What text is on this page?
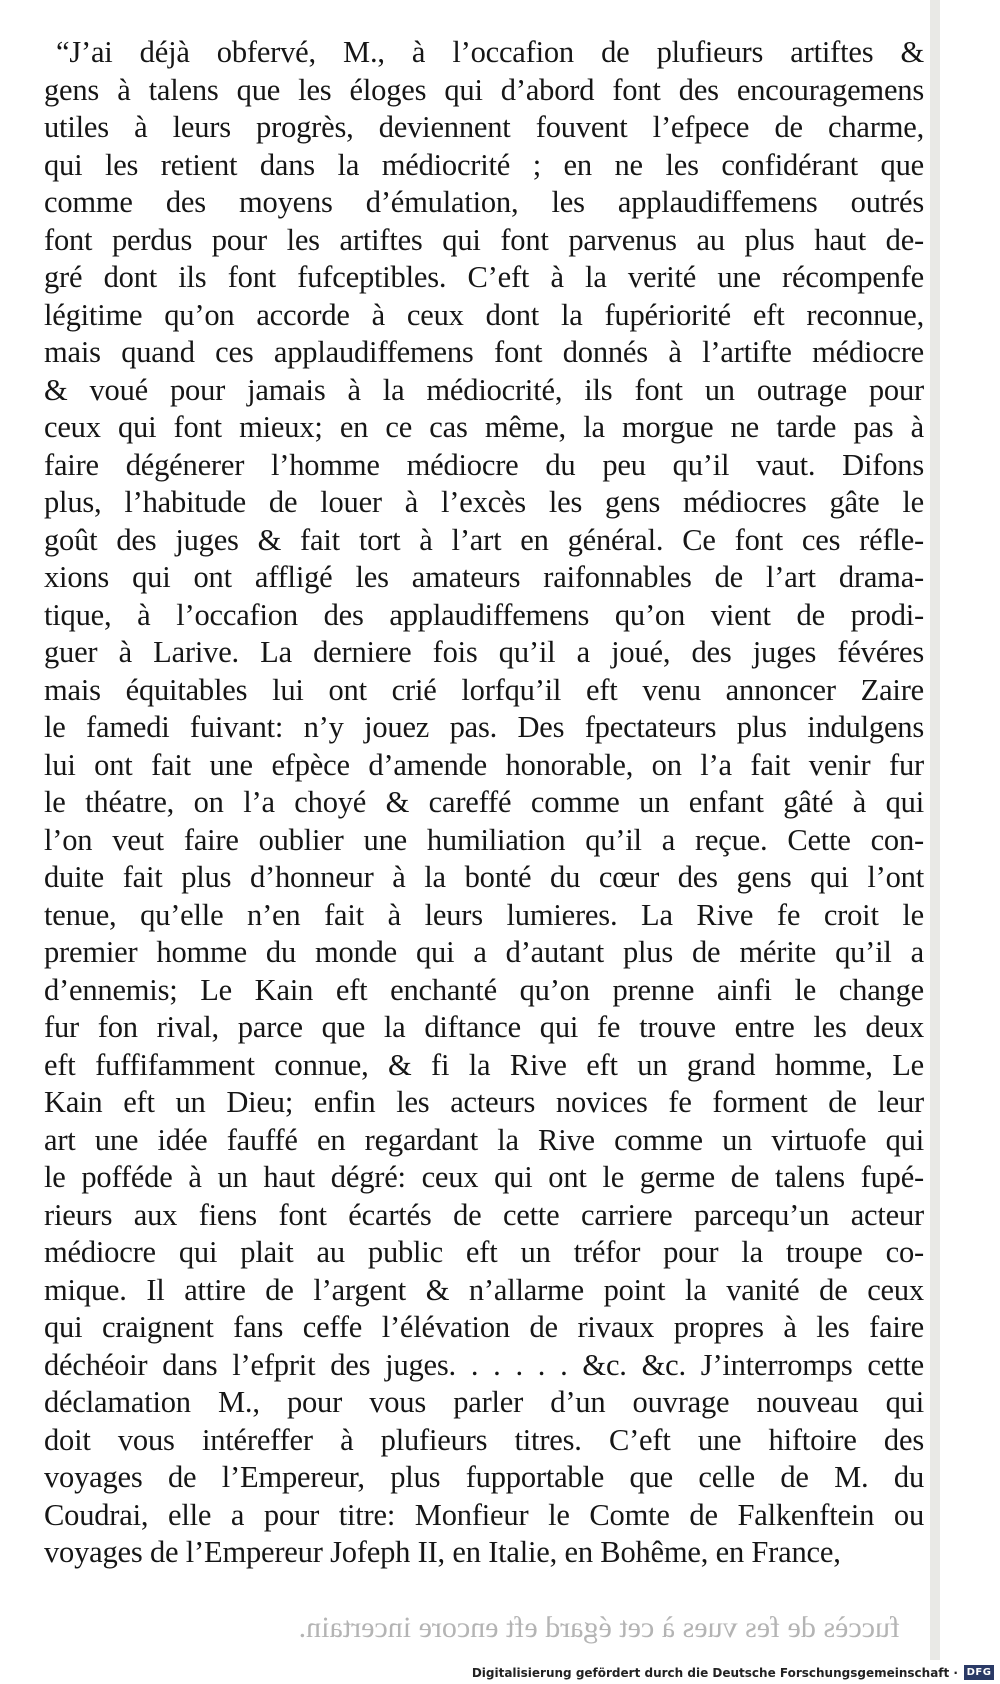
“J’ai déjà obfervé, M., à l’occafion de plufieurs artiftes &
gens à talens que les éloges qui d’abord font des encouragemens
utiles à leurs progrès, deviennent fouvent l’efpece de charme,
qui les retient dans la médiocrité ; en ne les confidérant que
comme des moyens d’émulation, les applaudiffemens outrés
font perdus pour les artiftes qui font parvenus au plus haut de-
gré dont ils font fufceptibles. C’eft à la verité une récompenfe
légitime qu’on accorde à ceux dont la fupériorité eft reconnue,
mais quand ces applaudiffemens font donnés à l’artifte médiocre
& voué pour jamais à la médiocrité, ils font un outrage pour
ceux qui font mieux; en ce cas même, la morgue ne tarde pas à
faire dégénerer l’homme médiocre du peu qu’il vaut. Difons
plus, l’habitude de louer à l’excès les gens médiocres gâte le
goût des juges & fait tort à l’art en général. Ce font ces réfle-
xions qui ont affligé les amateurs raifonnables de l’art drama-
tique, à l’occafion des applaudiffemens qu’on vient de prodi-
guer à Larive. La derniere fois qu’il a joué, des juges févéres
mais équitables lui ont crié lorfqu’il eft venu annoncer Zaire
le famedi fuivant: n’y jouez pas. Des fpectateurs plus indulgens
lui ont fait une efpèce d’amende honorable, on l’a fait venir fur
le théatre, on l’a choyé & careffé comme un enfant gâté à qui
l’on veut faire oublier une humiliation qu’il a reçue. Cette con-
duite fait plus d’honneur à la bonté du cœur des gens qui l’ont
tenue, qu’elle n’en fait à leurs lumieres. La Rive fe croit le
premier homme du monde qui a d’autant plus de mérite qu’il a
d’ennemis; Le Kain eft enchanté qu’on prenne ainfi le change
fur fon rival, parce que la diftance qui fe trouve entre les deux
eft fuffifamment connue, & fi la Rive eft un grand homme, Le
Kain eft un Dieu; enfin les acteurs novices fe forment de leur
art une idée fauffé en regardant la Rive comme un virtuofe qui
le pofféde à un haut dégré: ceux qui ont le germe de talens fupé-
rieurs aux fiens font écartés de cette carriere parcequ’un acteur
médiocre qui plait au public eft un tréfor pour la troupe co-
mique. Il attire de l’argent & n’allarme point la vanité de ceux
qui craignent fans ceffe l’élévation de rivaux propres à les faire
déchéoir dans l’efprit des juges. . . . . . &c. &c. J’interromps cette
déclamation M., pour vous parler d’un ouvrage nouveau qui
doit vous intéreffer à plufieurs titres. C’eft une hiftoire des
voyages de l’Empereur, plus fupportable que celle de M. du
Coudrai, elle a pour titre: Monfieur le Comte de Falkenftein ou
voyages de l’Empereur Jofeph II, en Italie, en Bohême, en France,
fuccès de fes vues à cet égard eft encore incertain.
Digitalisierung gefördert durch die Deutsche Forschungsgemeinschaft · DFG
